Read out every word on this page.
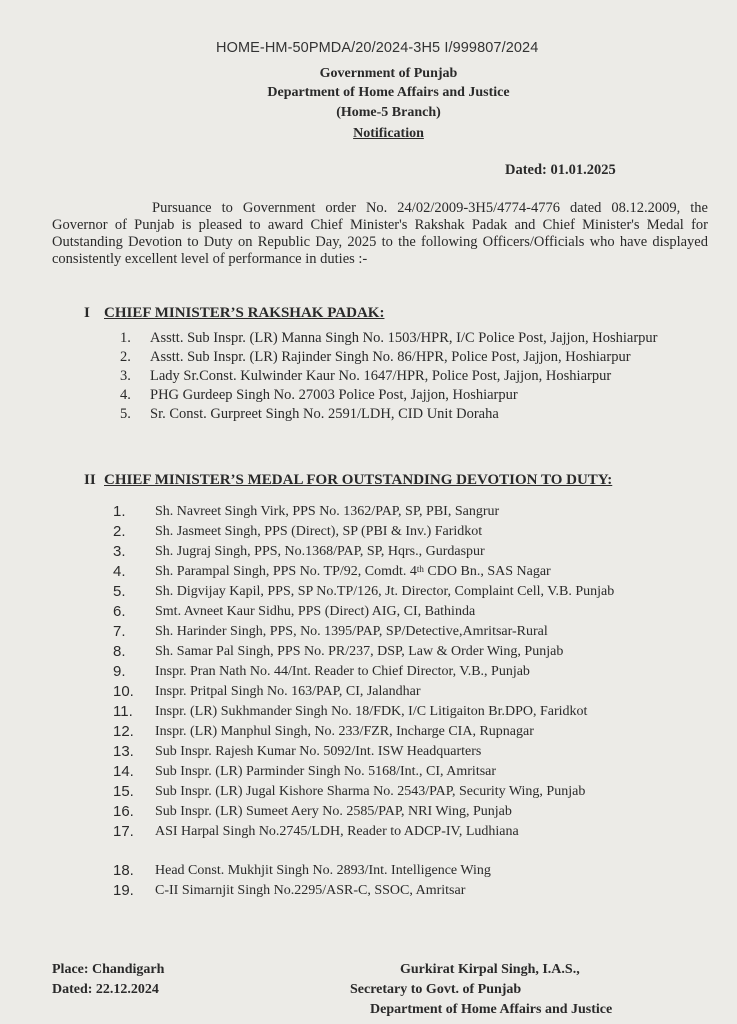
HOME-HM-50PMDA/20/2024-3H5 I/999807/2024
Government of Punjab
Department of Home Affairs and Justice
(Home-5 Branch)
Notification
Dated: 01.01.2025
Pursuance to Government order No. 24/02/2009-3H5/4774-4776 dated 08.12.2009, the Governor of Punjab is pleased to award Chief Minister's Rakshak Padak and Chief Minister's Medal for Outstanding Devotion to Duty on Republic Day, 2025 to the following Officers/Officials who have displayed consistently excellent level of performance in duties :-
I CHIEF MINISTER’S RAKSHAK PADAK:
1. Asstt. Sub Inspr. (LR) Manna Singh No. 1503/HPR, I/C Police Post, Jajjon, Hoshiarpur
2. Asstt. Sub Inspr. (LR) Rajinder Singh No. 86/HPR, Police Post, Jajjon, Hoshiarpur
3. Lady Sr.Const. Kulwinder Kaur No. 1647/HPR, Police Post, Jajjon, Hoshiarpur
4. PHG Gurdeep Singh No. 27003 Police Post, Jajjon, Hoshiarpur
5. Sr. Const. Gurpreet Singh No. 2591/LDH, CID Unit Doraha
II CHIEF MINISTER’S MEDAL FOR OUTSTANDING DEVOTION TO DUTY:
1. Sh. Navreet Singh Virk, PPS No. 1362/PAP, SP, PBI, Sangrur
2. Sh. Jasmeet Singh, PPS (Direct), SP (PBI & Inv.) Faridkot
3. Sh. Jugraj Singh, PPS, No.1368/PAP, SP, Hqrs., Gurdaspur
4. Sh. Parampal Singh, PPS No. TP/92, Comdt. 4th CDO Bn., SAS Nagar
5. Sh. Digvijay Kapil, PPS, SP No.TP/126, Jt. Director, Complaint Cell, V.B. Punjab
6. Smt. Avneet Kaur Sidhu, PPS (Direct) AIG, CI, Bathinda
7. Sh. Harinder Singh, PPS, No. 1395/PAP, SP/Detective,Amritsar-Rural
8. Sh. Samar Pal Singh, PPS No. PR/237, DSP, Law & Order Wing, Punjab
9. Inspr. Pran Nath No. 44/Int. Reader to Chief Director, V.B., Punjab
10. Inspr. Pritpal Singh No. 163/PAP, CI, Jalandhar
11. Inspr. (LR) Sukhmander Singh No. 18/FDK, I/C Litigaiton Br.DPO, Faridkot
12. Inspr. (LR) Manphul Singh, No. 233/FZR, Incharge CIA, Rupnagar
13. Sub Inspr. Rajesh Kumar No. 5092/Int. ISW Headquarters
14. Sub Inspr. (LR) Parminder Singh No. 5168/Int., CI, Amritsar
15. Sub Inspr. (LR) Jugal Kishore Sharma No. 2543/PAP, Security Wing, Punjab
16. Sub Inspr. (LR) Sumeet Aery No. 2585/PAP, NRI Wing, Punjab
17. ASI Harpal Singh No.2745/LDH, Reader to ADCP-IV, Ludhiana
18. Head Const. Mukhjit Singh No. 2893/Int. Intelligence Wing
19. C-II Simarnjit Singh No.2295/ASR-C, SSOC, Amritsar
Place: Chandigarh
Dated: 22.12.2024
Gurkirat Kirpal Singh, I.A.S.,
Secretary to Govt. of Punjab
Department of Home Affairs and Justice
